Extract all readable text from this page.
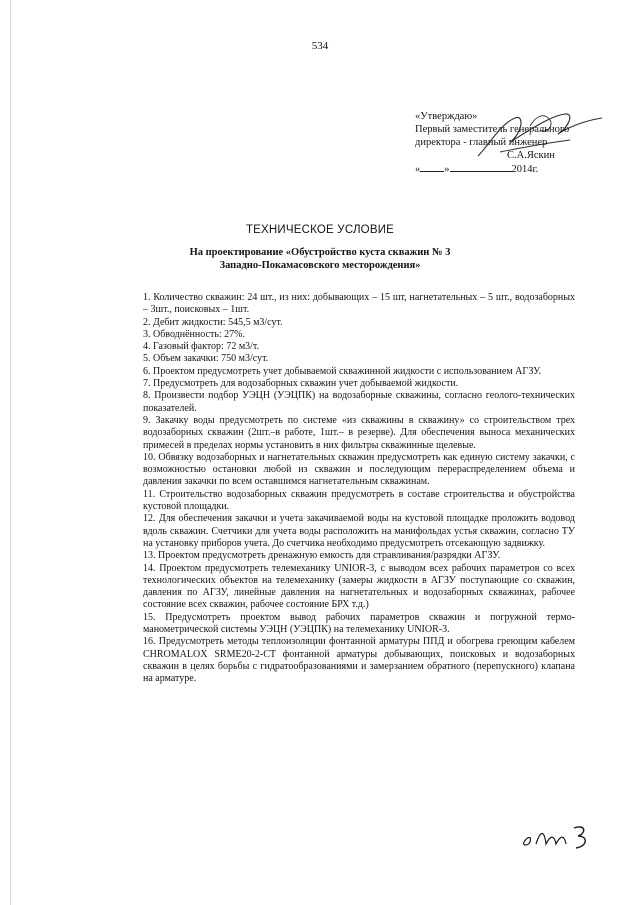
534
«Утверждаю»
Первый заместитель генерального
директора - главный инженер
С.А.Яскин
« »	2014г.
ТЕХНИЧЕСКОЕ УСЛОВИЕ
На проектирование «Обустройство куста скважин № 3
Западно-Покамасовского месторождения»

1. Количество скважин: 24 шт., из них: добывающих – 15 шт, нагнетательных – 5 шт., водозаборных – 3шт., поисковых – 1шт.

2. Дебит жидкости: 545,5 м3/сут.

3. Обводнённость: 27%.

4. Газовый фактор: 72 м3/т.

5. Объем закачки: 750 м3/сут.

6. Проектом предусмотреть учет добываемой скважинной жидкости с использованием АГЗУ.

7. Предусмотреть для водозаборных скважин учет добываемой жидкости.

8. Произвести подбор УЭЦН (УЭЦПК) на водозаборные скважины, согласно геолого-технических показателей.

9. Закачку воды предусмотреть по системе «из скважины в скважину» со строительством трех водозаборных скважин (2шт.–в работе, 1шт.– в резерве). Для обеспечения выноса механических примесей в пределах нормы установить в них фильтры скважинные щелевые.

10. Обвязку водозаборных и нагнетательных скважин предусмотреть как единую систему закачки, с возможностью остановки любой из скважин и последующим перераспределением объема и давления закачки по всем оставшимся нагнетательным скважинам.

11. Строительство водозаборных скважин предусмотреть в составе строительства и обустройства кустовой площадки.

12. Для обеспечения закачки и учета закачиваемой воды на кустовой площадке проложить водовод вдоль скважин. Счетчики для учета воды расположить на манифольдах устья скважин, согласно ТУ на установку приборов учета. До счетчика необходимо предусмотреть отсекающую задвижку.

13. Проектом предусмотреть дренажную емкость для стравливания/разрядки АГЗУ.

14. Проектом предусмотреть телемеханику UNIOR-3, с выводом всех рабочих параметров со всех технологических объектов на телемеханику (замеры жидкости в АГЗУ поступающие со скважин, давления по АГЗУ, линейные давления на нагнетательных и водозаборных скважинах, рабочее состояние всех скважин, рабочее состояние БРХ т.д.)

15. Предусмотреть проектом вывод рабочих параметров скважин и погружной термо-манометрической системы УЭЦН (УЭЦПК) на телемеханику UNIOR-3.

16. Предусмотреть методы теплоизоляции фонтанной арматуры ППД и обогрева греющим кабелем CHROMALOX SRME20-2-CT фонтанной арматуры добывающих, поисковых и водозаборных скважин в целях борьбы с гидратообразованиями и замерзанием обратного (перепускного) клапана на арматуре.
